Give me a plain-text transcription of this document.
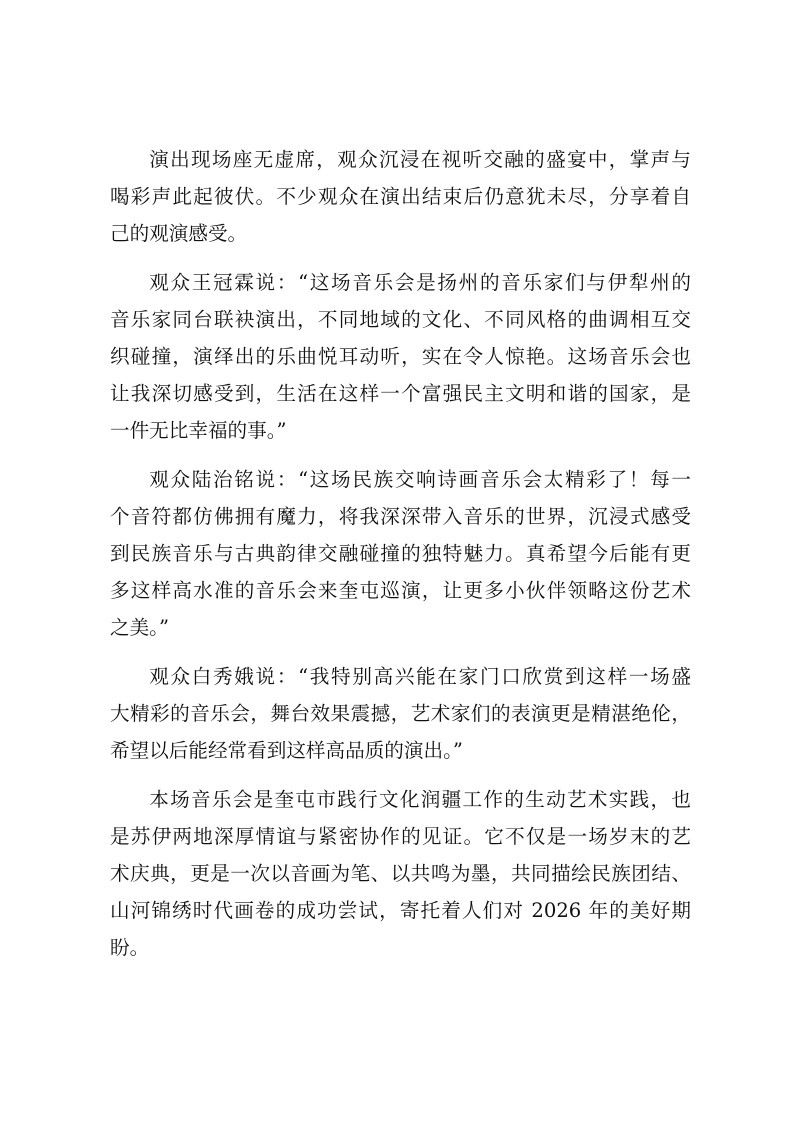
演出现场座无虚席，观众沉浸在视听交融的盛宴中，掌声与
喝彩声此起彼伏。不少观众在演出结束后仍意犹未尽，分享着自
己的观演感受。
观众王冠霖说：“这场音乐会是扬州的音乐家们与伊犁州的
音乐家同台联袂演出，不同地域的文化、不同风格的曲调相互交
织碰撞，演绎出的乐曲悦耳动听，实在令人惊艳。这场音乐会也
让我深切感受到，生活在这样一个富强民主文明和谐的国家，是
一件无比幸福的事。”
观众陆治铭说：“这场民族交响诗画音乐会太精彩了！每一
个音符都仿佛拥有魔力，将我深深带入音乐的世界，沉浸式感受
到民族音乐与古典韵律交融碰撞的独特魅力。真希望今后能有更
多这样高水准的音乐会来奎屯巡演，让更多小伙伴领略这份艺术
之美。”
观众白秀娥说：“我特别高兴能在家门口欣赏到这样一场盛
大精彩的音乐会，舞台效果震撼，艺术家们的表演更是精湛绝伦，
希望以后能经常看到这样高品质的演出。”
本场音乐会是奎屯市践行文化润疆工作的生动艺术实践，也
是苏伊两地深厚情谊与紧密协作的见证。它不仅是一场岁末的艺
术庆典，更是一次以音画为笔、以共鸣为墨，共同描绘民族团结、
山河锦绣时代画卷的成功尝试，寄托着人们对 2026 年的美好期
盼。
